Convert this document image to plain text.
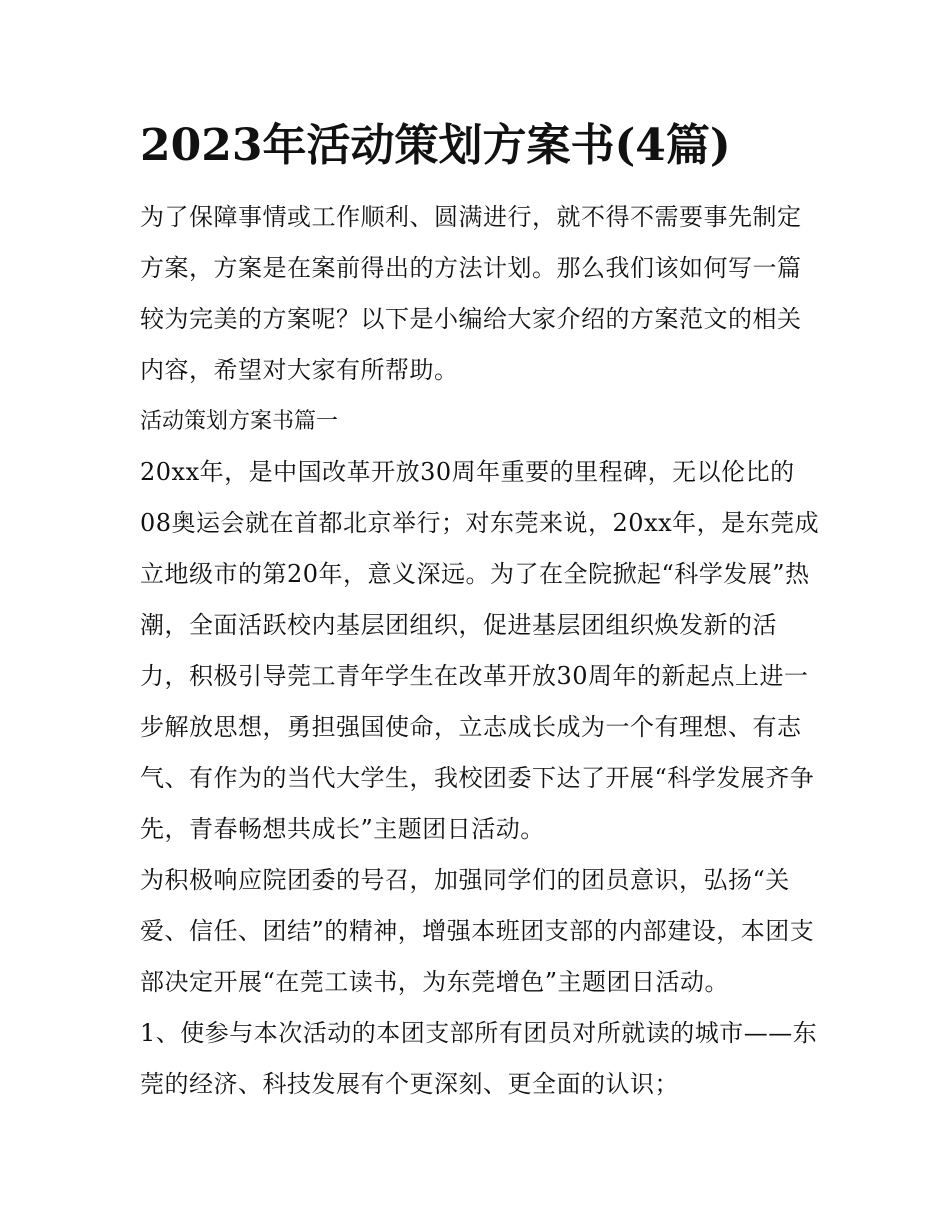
2023年活动策划方案书(4篇)

为了保障事情或工作顺利、圆满进行，就不得不需要事先制定方案，方案是在案前得出的方法计划。那么我们该如何写一篇较为完美的方案呢？以下是小编给大家介绍的方案范文的相关内容，希望对大家有所帮助。

活动策划方案书篇一

20xx年，是中国改革开放30周年重要的里程碑，无以伦比的08奥运会就在首都北京举行；对东莞来说，20xx年，是东莞成立地级市的第20年，意义深远。为了在全院掀起“科学发展”热潮，全面活跃校内基层团组织，促进基层团组织焕发新的活力，积极引导莞工青年学生在改革开放30周年的新起点上进一步解放思想，勇担强国使命，立志成长成为一个有理想、有志气、有作为的当代大学生，我校团委下达了开展“科学发展齐争先，青春畅想共成长”主题团日活动。

为积极响应院团委的号召，加强同学们的团员意识，弘扬“关爱、信任、团结”的精神，增强本班团支部的内部建设，本团支部决定开展“在莞工读书，为东莞增色”主题团日活动。

1、使参与本次活动的本团支部所有团员对所就读的城市——东莞的经济、科技发展有个更深刻、更全面的认识；
